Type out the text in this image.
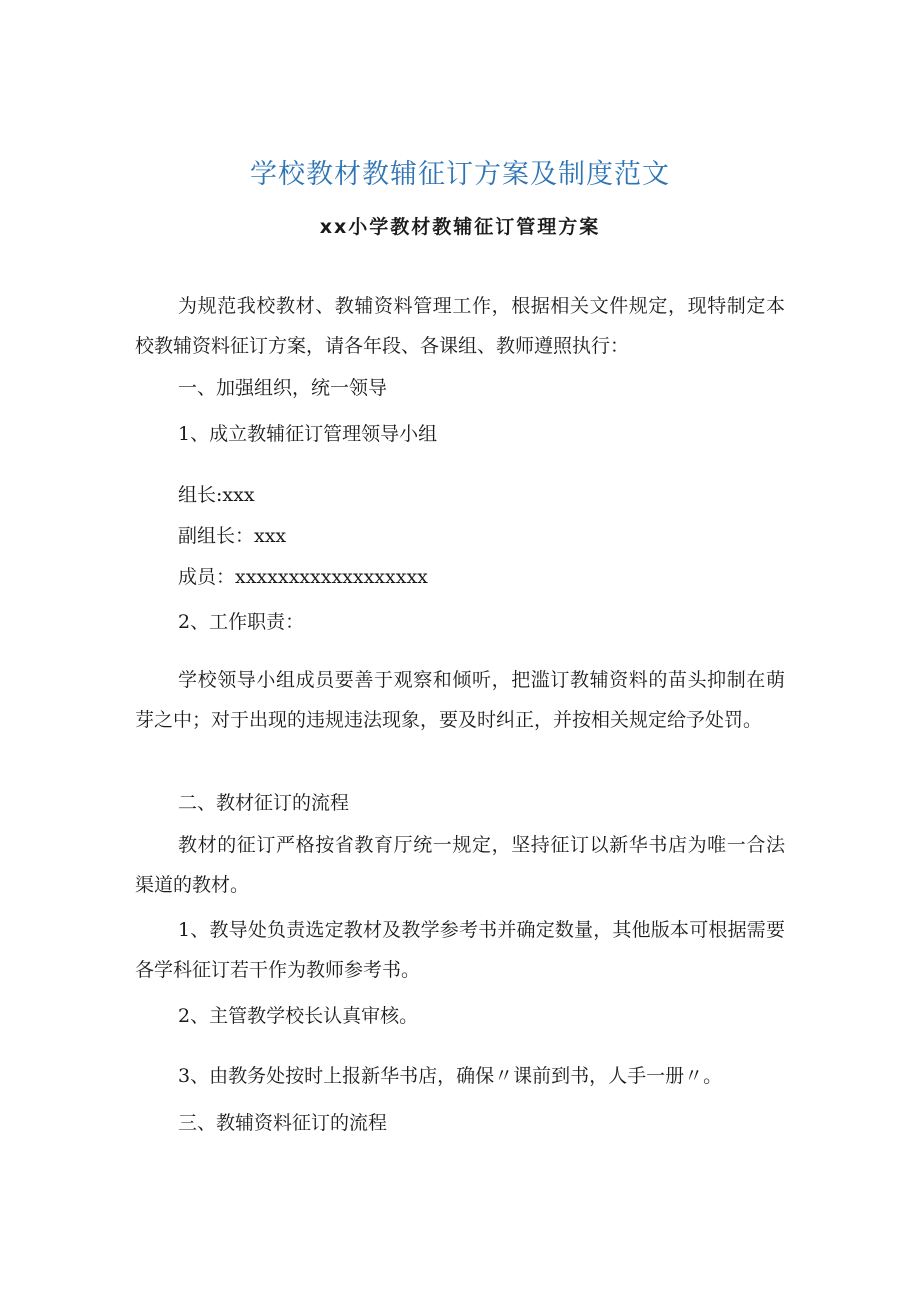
学校教材教辅征订方案及制度范文
xx小学教材教辅征订管理方案
为规范我校教材、教辅资料管理工作，根据相关文件规定，现特制定本校教辅资料征订方案，请各年段、各课组、教师遵照执行：
一、加强组织，统一领导
1、成立教辅征订管理领导小组
组长:xxx
副组长：xxx
成员：xxxxxxxxxxxxxxxxxx
2、工作职责：
学校领导小组成员要善于观察和倾听，把滥订教辅资料的苗头抑制在萌芽之中；对于出现的违规违法现象，要及时纠正，并按相关规定给予处罚。
二、教材征订的流程
教材的征订严格按省教育厅统一规定，坚持征订以新华书店为唯一合法渠道的教材。
1、教导处负责选定教材及教学参考书并确定数量，其他版本可根据需要各学科征订若干作为教师参考书。
2、主管教学校长认真审核。
3、由教务处按时上报新华书店，确保〃课前到书，人手一册〃。
三、教辅资料征订的流程
